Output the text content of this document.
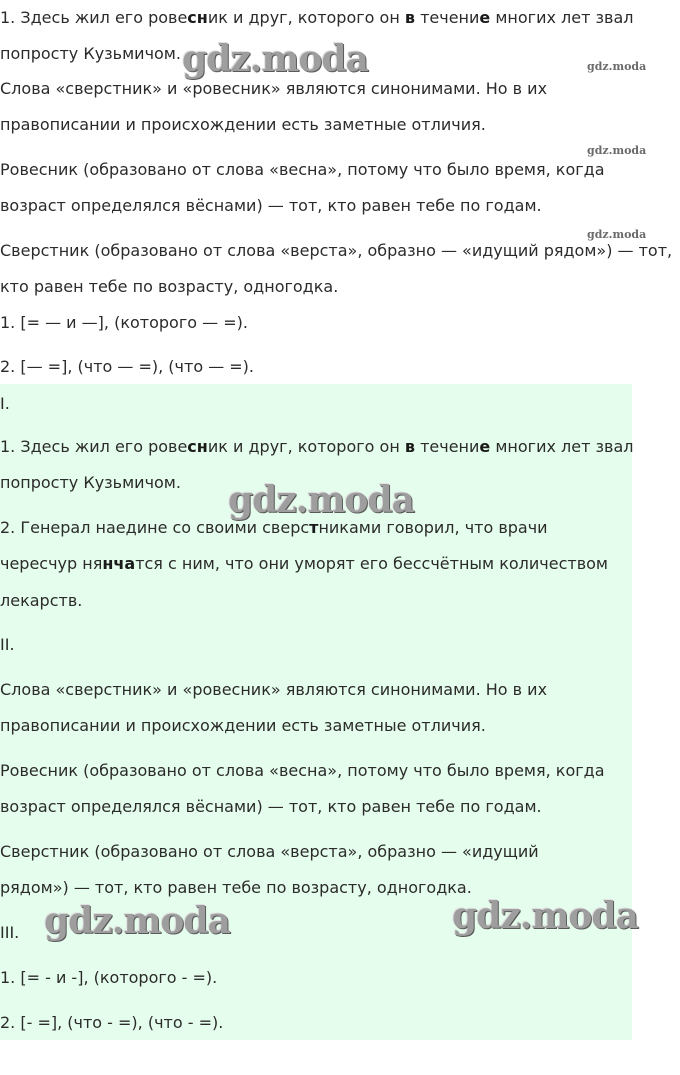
1. Здесь жил его ровесник и друг, которого он в течение многих лет звал

попросту Кузьмичом.

Слова «сверстник» и «ровесник» являются синонимами. Но в их

правописании и происхождении есть заметные отличия.

Ровесник (образовано от слова «весна», потому что было время, когда

возраст определялся вёснами) — тот, кто равен тебе по годам.

Сверстник (образовано от слова «верста», образно — «идущий рядом») — тот,

кто равен тебе по возрасту, одногодка.

1. [= — и —], (которого — =).

2. [— =], (что — =), (что — =).

I.

1. Здесь жил его ровесник и друг, которого он в течение многих лет звал

попросту Кузьмичом.

2. Генерал наедине со своими сверстниками говорил, что врачи

чересчур нянчатся с ним, что они уморят его бессчётным количеством

лекарств.

II.

Слова «сверстник» и «ровесник» являются синонимами. Но в их

правописании и происхождении есть заметные отличия.

Ровесник (образовано от слова «весна», потому что было время, когда

возраст определялся вёснами) — тот, кто равен тебе по годам.

Сверстник (образовано от слова «верста», образно — «идущий

рядом») — тот, кто равен тебе по возрасту, одногодка.

III.

1. [= - и -], (которого - =).

2. [- =], (что - =), (что - =).

gdz.moda
gdz.moda
gdz.moda	gdz.moda
gdz.moda
gdz.moda
gdz.moda
